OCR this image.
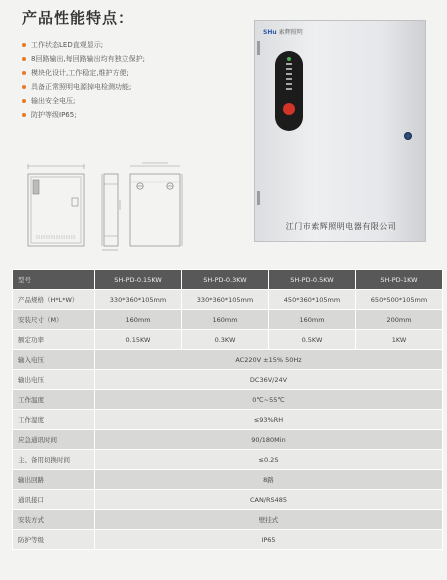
产品性能特点：
工作状态LED直观显示;
8回路输出,每回路输出均有独立保护;
模块化设计,工作稳定,维护方便;
具备正常照明电源掉电检测功能;
输出安全电压;
防护等级IP65;
SHu 索辉照明
江门市索辉照明电器有限公司
型号	SH-PD-0.15KW	SH-PD-0.3KW	SH-PD-0.5KW	SH-PD-1KW
产品规格（H*L*W）	330*360*105mm	330*360*105mm	450*360*105mm	650*500*105mm
安装尺寸（M）	160mm	160mm	160mm	200mm
额定功率	0.15KW	0.3KW	0.5KW	1KW
输入电压	AC220V ±15% 50Hz			
输出电压	DC36V/24V			
工作温度	0℃~55℃			
工作湿度	≤93%RH			
应急通讯时间	90/180Min			
主、备用切换时间	≤0.2S			
输出回路	8路			
通讯接口	CAN/RS485			
安装方式	壁挂式			
防护等级	IP65			
